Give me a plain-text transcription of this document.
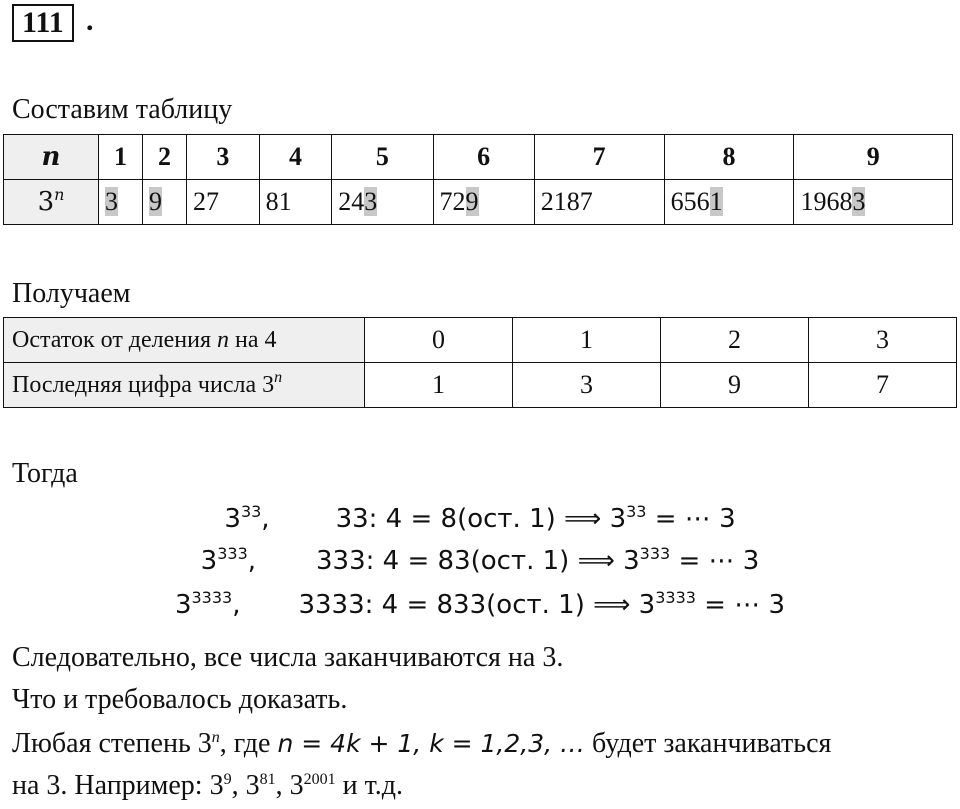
111 .
Составим таблицу
n	1	2	3	4	5	6	7	8	9
3$^n$	3	9	27	81	243	729	2187	6561	19683
Получаем
Остаток от деления n на 4	0	1	2	3
Последняя цифра числа 3$^n$	1	3	9	7
Тогда
$3^{33}$,	33: 4 = 8(ост. 1) ⟹ $3^{33}$ = ⋯ 3
$3^{333}$, 333: 4 = 83(ост. 1) ⟹ $3^{333}$ = ⋯ 3
$3^{3333}$, 3333: 4 = 833(ост. 1) ⟹ $3^{3333}$ = ⋯ 3
Следовательно, все числа заканчиваются на 3.
Что и требовалось доказать.
Любая степень 3$^n$, где n = 4k + 1, k = 1,2,3, … будет заканчиваться
на 3. Например: $3^9$, $3^{81}$, $3^{2001}$ и т.д.
